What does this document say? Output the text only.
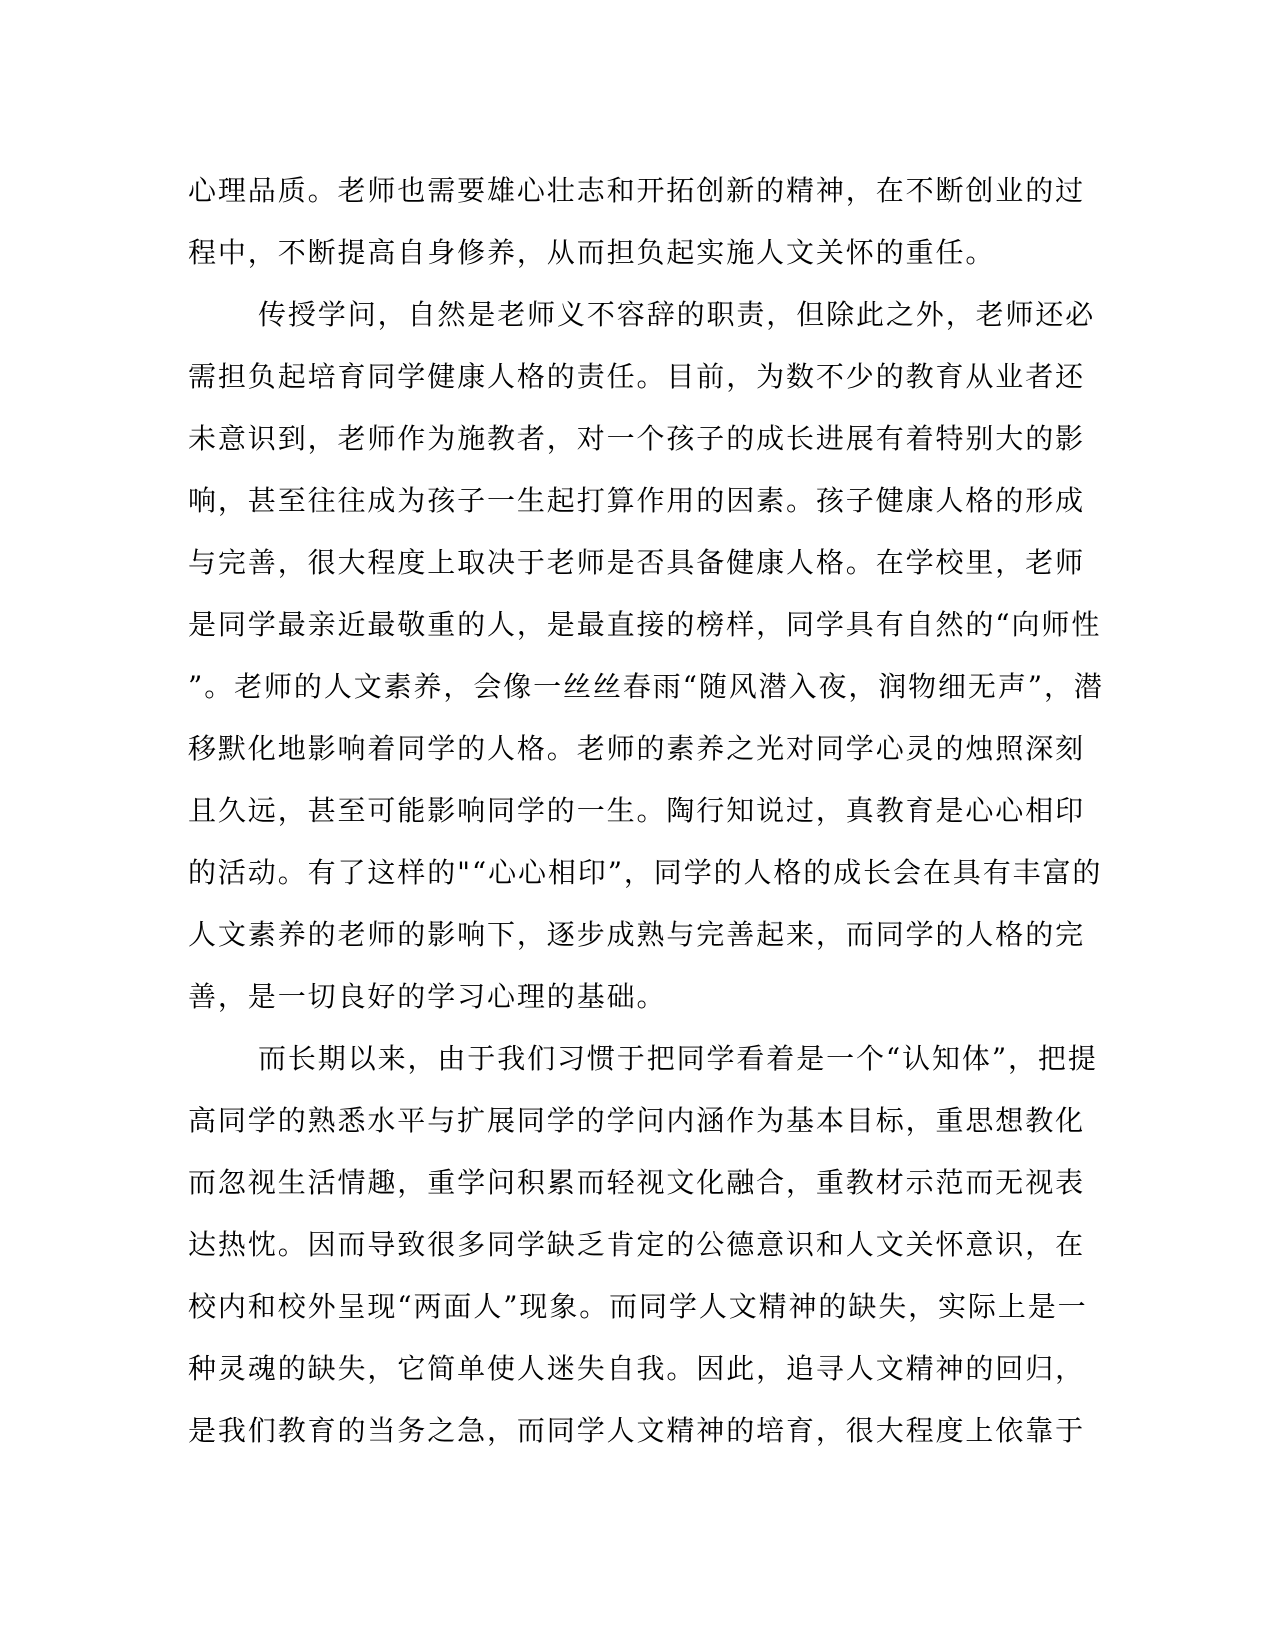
心理品质。老师也需要雄心壮志和开拓创新的精神，在不断创业的过
程中，不断提高自身修养，从而担负起实施人文关怀的重任。
传授学问，自然是老师义不容辞的职责，但除此之外，老师还必
需担负起培育同学健康人格的责任。目前，为数不少的教育从业者还
未意识到，老师作为施教者，对一个孩子的成长进展有着特别大的影
响，甚至往往成为孩子一生起打算作用的因素。孩子健康人格的形成
与完善，很大程度上取决于老师是否具备健康人格。在学校里，老师
是同学最亲近最敬重的人，是最直接的榜样，同学具有自然的“向师性
”。老师的人文素养，会像一丝丝春雨“随风潜入夜，润物细无声”，潜
移默化地影响着同学的人格。老师的素养之光对同学心灵的烛照深刻
且久远，甚至可能影响同学的一生。陶行知说过，真教育是心心相印
的活动。有了这样的"“心心相印”，同学的人格的成长会在具有丰富的
人文素养的老师的影响下，逐步成熟与完善起来，而同学的人格的完
善，是一切良好的学习心理的基础。
而长期以来，由于我们习惯于把同学看着是一个“认知体”，把提
高同学的熟悉水平与扩展同学的学问内涵作为基本目标，重思想教化
而忽视生活情趣，重学问积累而轻视文化融合，重教材示范而无视表
达热忱。因而导致很多同学缺乏肯定的公德意识和人文关怀意识，在
校内和校外呈现“两面人”现象。而同学人文精神的缺失，实际上是一
种灵魂的缺失，它简单使人迷失自我。因此，追寻人文精神的回归，
是我们教育的当务之急，而同学人文精神的培育，很大程度上依靠于
